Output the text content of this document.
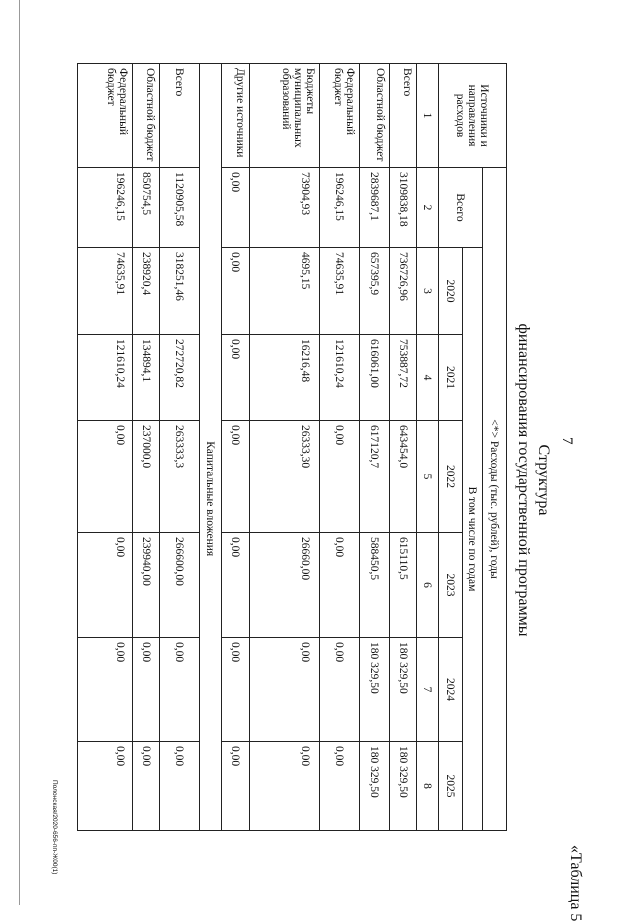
7
«Таблица 5
Структура
финансирования государственной программы
Источники и направления расходов	<*> Расходы (тыс. рублей), годы						
	Всего	В том числе по годам					
		2020	2021	2022	2023	2024	2025
1	2	3	4	5	6	7	8
Всего	3109838,18	736726,96	753887,72	643454,0	615110,5	180 329,50	180 329,50
Областной бюджет	2839687,1	657395,9	616061,00	617120,7	588450,5	180 329,50	180 329,50
Федеральный бюджет	196246,15	74635,91	121610,24	0,00	0,00	0,00	0,00
Бюджеты муниципальных образований	73904,93	4695,15	16216,48	26333,30	26660,00	0,00	0,00
Другие источники	0,00	0,00	0,00	0,00	0,00	0,00	0,00
	Капитальные вложения						
Всего	1120905,58	318251,46	272720,82	263333,3	266600,00	0,00	0,00
Областной бюджет	850754,5	238920,4	134894,1	237000,0	239940,00	0,00	0,00
Федеральный бюджет	196246,15	74635,91	121610,24	0,00	0,00	0,00	0,00
Полонская/2020-656-пп-Ж00(1)
